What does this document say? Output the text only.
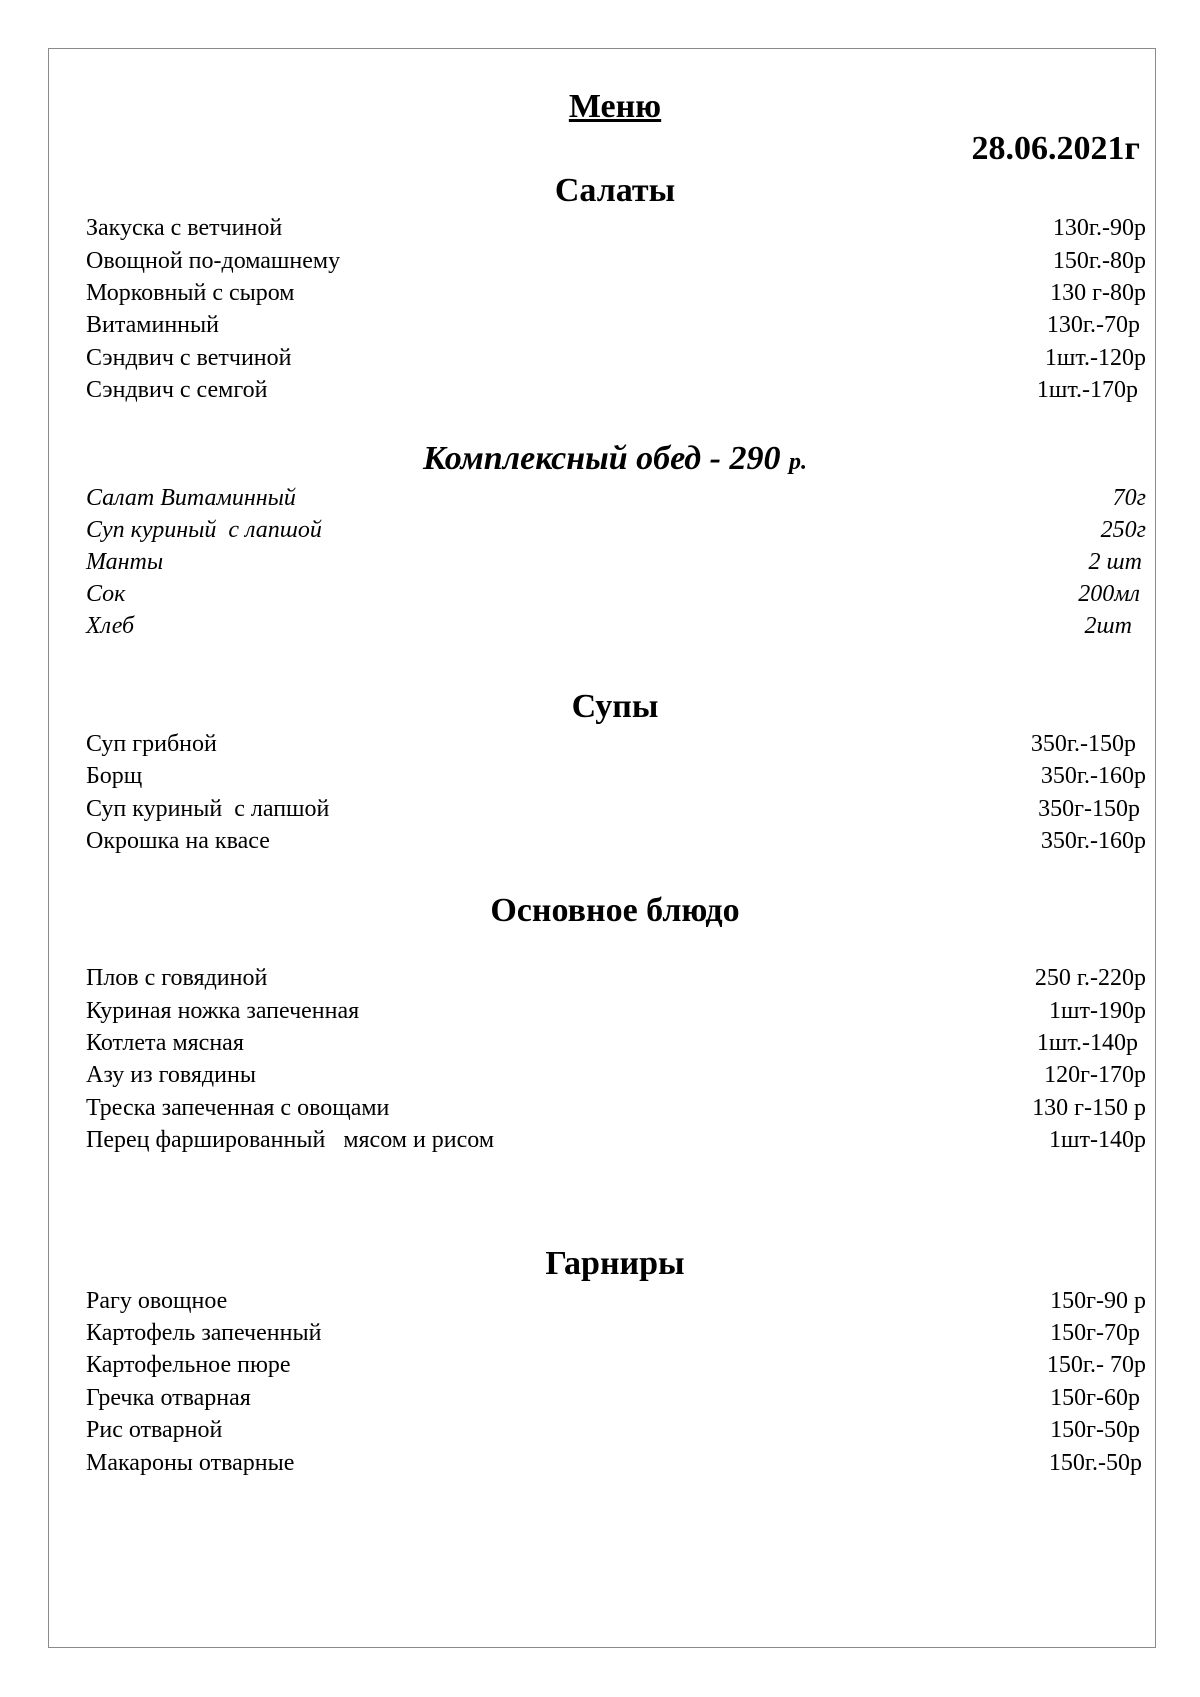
Меню
28.06.2021г
Салаты
Закуска с ветчиной	130г.-90р
Овощной по-домашнему	150г.-80р
Морковный с сыром	130 г-80р
Витаминный	130г.-70р
Сэндвич с ветчиной	1шт.-120р
Сэндвич с семгой	1шт.-170р
Комплексный обед - 290 р.
Салат Витаминный	70г
Суп куриный  с лапшой	250г
Манты	2 шт
Сок	200мл
Хлеб	2шт
Супы
Суп грибной	350г.-150р
Борщ	350г.-160р
Суп куриный  с лапшой	350г-150р
Окрошка на квасе	350г.-160р
Основное блюдо
Плов с говядиной	250 г.-220р
Куриная ножка запеченная	1шт-190р
Котлета мясная	1шт.-140р
Азу из говядины	120г-170р
Треска запеченная с овощами	130 г-150 р
Перец фаршированный   мясом и рисом	1шт-140р
Гарниры
Рагу овощное	150г-90 р
Картофель запеченный	150г-70р
Картофельное пюре	150г.- 70р
Гречка отварная	150г-60р
Рис отварной	150г-50р
Макароны отварные	150г.-50р
